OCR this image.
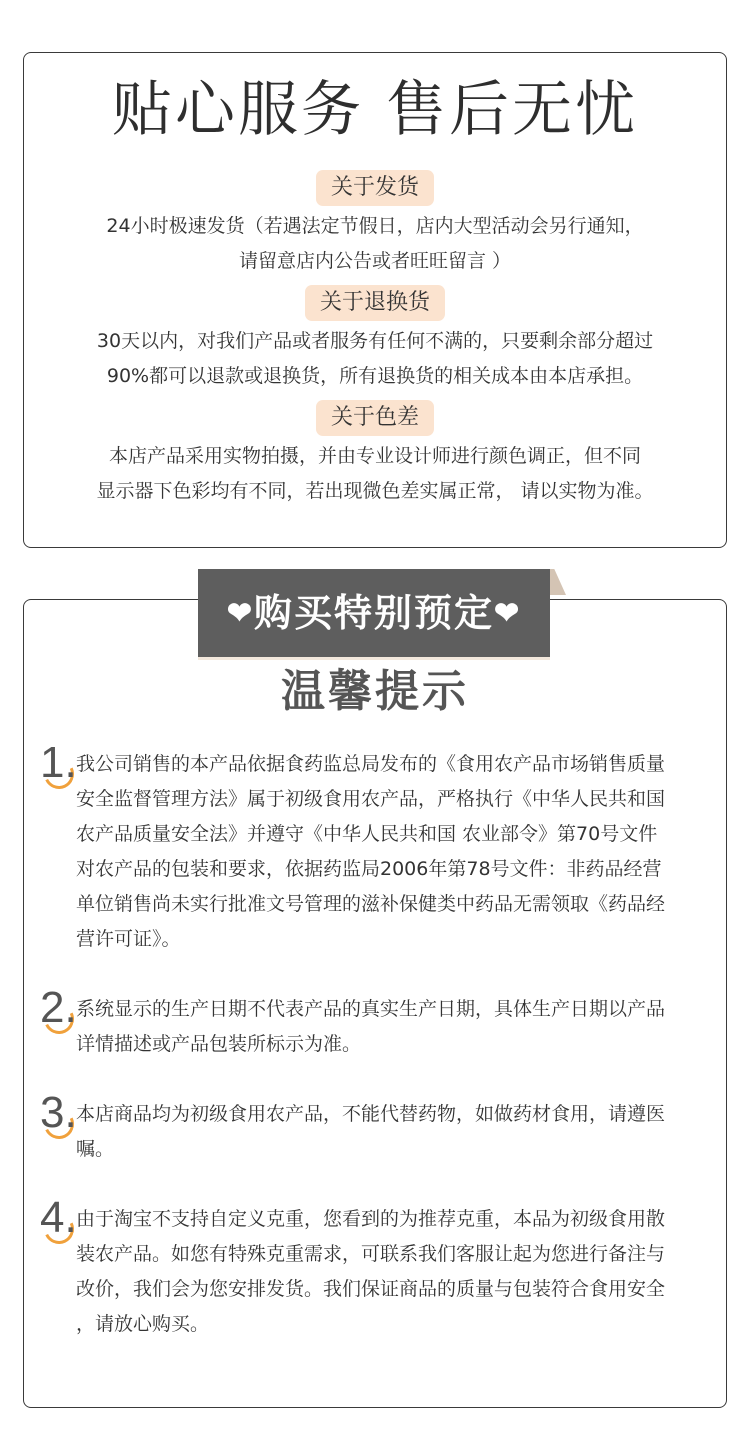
贴心服务 售后无忧
关于发货
24小时极速发货（若遇法定节假日，店内大型活动会另行通知，
请留意店内公告或者旺旺留言 ）
关于退换货
30天以内，对我们产品或者服务有任何不满的，只要剩余部分超过
90%都可以退款或退换货，所有退换货的相关成本由本店承担。
关于色差
本店产品采用实物拍摄，并由专业设计师进行颜色调正，但不同
显示器下色彩均有不同，若出现微色差实属正常， 请以实物为准。
❤购买特别预定❤
温馨提示
1. 我公司销售的本产品依据食药监总局发布的《食用农产品市场销售质量
安全监督管理方法》属于初级食用农产品，严格执行《中华人民共和国
农产品质量安全法》并遵守《中华人民共和国 农业部令》第70号文件
对农产品的包装和要求，依据药监局2006年第78号文件：非药品经营
单位销售尚未实行批准文号管理的滋补保健类中药品无需领取《药品经
营许可证》。
2. 系统显示的生产日期不代表产品的真实生产日期，具体生产日期以产品
详情描述或产品包装所标示为准。
3. 本店商品均为初级食用农产品，不能代替药物，如做药材食用，请遵医
嘱。
4. 由于淘宝不支持自定义克重，您看到的为推荐克重，本品为初级食用散
装农产品。如您有特殊克重需求，可联系我们客服让起为您进行备注与
改价，我们会为您安排发货。我们保证商品的质量与包装符合食用安全
，请放心购买。
